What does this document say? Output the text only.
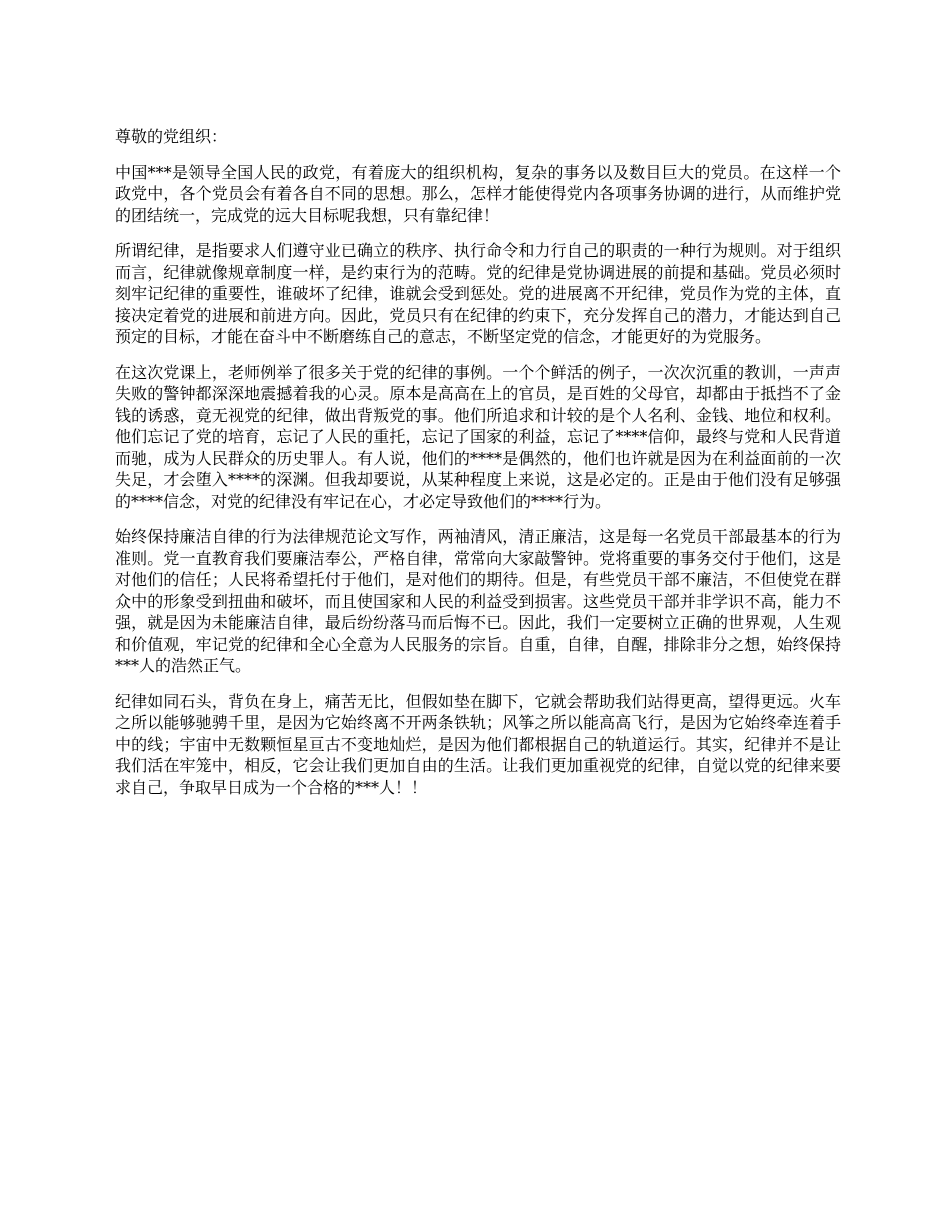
尊敬的党组织：

中国***是领导全国人民的政党，有着庞大的组织机构，复杂的事务以及数目巨大的党员。在这样一个政党中，各个党员会有着各自不同的思想。那么，怎样才能使得党内各项事务协调的进行，从而维护党的团结统一，完成党的远大目标呢我想，只有靠纪律！

所谓纪律，是指要求人们遵守业已确立的秩序、执行命令和力行自己的职责的一种行为规则。对于组织而言，纪律就像规章制度一样，是约束行为的范畴。党的纪律是党协调进展的前提和基础。党员必须时刻牢记纪律的重要性，谁破坏了纪律，谁就会受到惩处。党的进展离不开纪律，党员作为党的主体，直接决定着党的进展和前进方向。因此，党员只有在纪律的约束下，充分发挥自己的潜力，才能达到自己预定的目标，才能在奋斗中不断磨练自己的意志，不断坚定党的信念，才能更好的为党服务。

在这次党课上，老师例举了很多关于党的纪律的事例。一个个鲜活的例子，一次次沉重的教训，一声声失败的警钟都深深地震撼着我的心灵。原本是高高在上的官员，是百姓的父母官，却都由于抵挡不了金钱的诱惑，竟无视党的纪律，做出背叛党的事。他们所追求和计较的是个人名利、金钱、地位和权利。他们忘记了党的培育，忘记了人民的重托，忘记了国家的利益，忘记了****信仰，最终与党和人民背道而驰，成为人民群众的历史罪人。有人说，他们的****是偶然的，他们也许就是因为在利益面前的一次失足，才会堕入****的深渊。但我却要说，从某种程度上来说，这是必定的。正是由于他们没有足够强的****信念，对党的纪律没有牢记在心，才必定导致他们的****行为。

始终保持廉洁自律的行为法律规范论文写作，两袖清风，清正廉洁，这是每一名党员干部最基本的行为准则。党一直教育我们要廉洁奉公，严格自律，常常向大家敲警钟。党将重要的事务交付于他们，这是对他们的信任；人民将希望托付于他们，是对他们的期待。但是，有些党员干部不廉洁，不但使党在群众中的形象受到扭曲和破坏，而且使国家和人民的利益受到损害。这些党员干部并非学识不高，能力不强，就是因为未能廉洁自律，最后纷纷落马而后悔不已。因此，我们一定要树立正确的世界观，人生观和价值观，牢记党的纪律和全心全意为人民服务的宗旨。自重，自律，自醒，排除非分之想，始终保持***人的浩然正气。

纪律如同石头，背负在身上，痛苦无比，但假如垫在脚下，它就会帮助我们站得更高，望得更远。火车之所以能够驰骋千里，是因为它始终离不开两条铁轨；风筝之所以能高高飞行，是因为它始终牵连着手中的线；宇宙中无数颗恒星亘古不变地灿烂，是因为他们都根据自己的轨道运行。其实，纪律并不是让我们活在牢笼中，相反，它会让我们更加自由的生活。让我们更加重视党的纪律，自觉以党的纪律来要求自己，争取早日成为一个合格的***人！！
